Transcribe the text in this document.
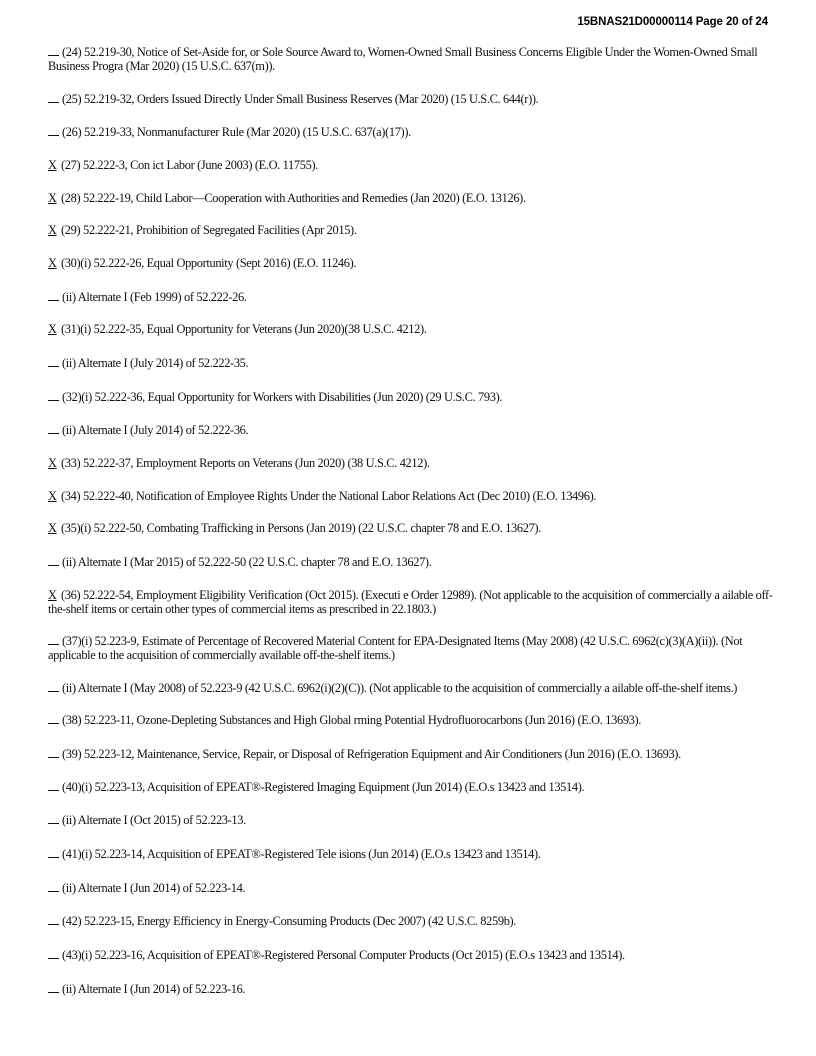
15BNAS21D00000114 Page 20 of 24
(24) 52.219-30, Notice of Set-Aside for, or Sole Source Award to, Women-Owned Small Business Concerns Eligible Under the Women-Owned Small Business Progra (Mar 2020) (15 U.S.C. 637(m)).
(25) 52.219-32, Orders Issued Directly Under Small Business Reserves (Mar 2020) (15 U.S.C. 644(r)).
(26) 52.219-33, Nonmanufacturer Rule (Mar 2020) (15 U.S.C. 637(a)(17)).
X (27) 52.222-3, Con ict Labor (June 2003) (E.O. 11755).
X (28) 52.222-19, Child Labor—Cooperation with Authorities and Remedies (Jan 2020) (E.O. 13126).
X (29) 52.222-21, Prohibition of Segregated Facilities (Apr 2015).
X (30)(i) 52.222-26, Equal Opportunity (Sept 2016) (E.O. 11246).
(ii) Alternate I (Feb 1999) of 52.222-26.
X (31)(i) 52.222-35, Equal Opportunity for Veterans (Jun 2020)(38 U.S.C. 4212).
(ii) Alternate I (July 2014) of 52.222-35.
(32)(i) 52.222-36, Equal Opportunity for Workers with Disabilities (Jun 2020) (29 U.S.C. 793).
(ii) Alternate I (July 2014) of 52.222-36.
X (33) 52.222-37, Employment Reports on Veterans (Jun 2020) (38 U.S.C. 4212).
X (34) 52.222-40, Notification of Employee Rights Under the National Labor Relations Act (Dec 2010) (E.O. 13496).
X (35)(i) 52.222-50, Combating Trafficking in Persons (Jan 2019) (22 U.S.C. chapter 78 and E.O. 13627).
(ii) Alternate I (Mar 2015) of 52.222-50 (22 U.S.C. chapter 78 and E.O. 13627).
X (36) 52.222-54, Employment Eligibility Verification (Oct 2015). (Executi e Order 12989). (Not applicable to the acquisition of commercially a ailable off-the-shelf items or certain other types of commercial items as prescribed in 22.1803.)
(37)(i) 52.223-9, Estimate of Percentage of Recovered Material Content for EPA-Designated Items (May 2008) (42 U.S.C. 6962(c)(3)(A)(ii)). (Not applicable to the acquisition of commercially available off-the-shelf items.)
(ii) Alternate I (May 2008) of 52.223-9 (42 U.S.C. 6962(i)(2)(C)). (Not applicable to the acquisition of commercially a ailable off-the-shelf items.)
(38) 52.223-11, Ozone-Depleting Substances and High Global rming Potential Hydrofluorocarbons (Jun 2016) (E.O. 13693).
(39) 52.223-12, Maintenance, Service, Repair, or Disposal of Refrigeration Equipment and Air Conditioners (Jun 2016) (E.O. 13693).
(40)(i) 52.223-13, Acquisition of EPEAT®-Registered Imaging Equipment (Jun 2014) (E.O.s 13423 and 13514).
(ii) Alternate I (Oct 2015) of 52.223-13.
(41)(i) 52.223-14, Acquisition of EPEAT®-Registered Tele isions (Jun 2014) (E.O.s 13423 and 13514).
(ii) Alternate I (Jun 2014) of 52.223-14.
(42) 52.223-15, Energy Efficiency in Energy-Consuming Products (Dec 2007) (42 U.S.C. 8259b).
(43)(i) 52.223-16, Acquisition of EPEAT®-Registered Personal Computer Products (Oct 2015) (E.O.s 13423 and 13514).
(ii) Alternate I (Jun 2014) of 52.223-16.
